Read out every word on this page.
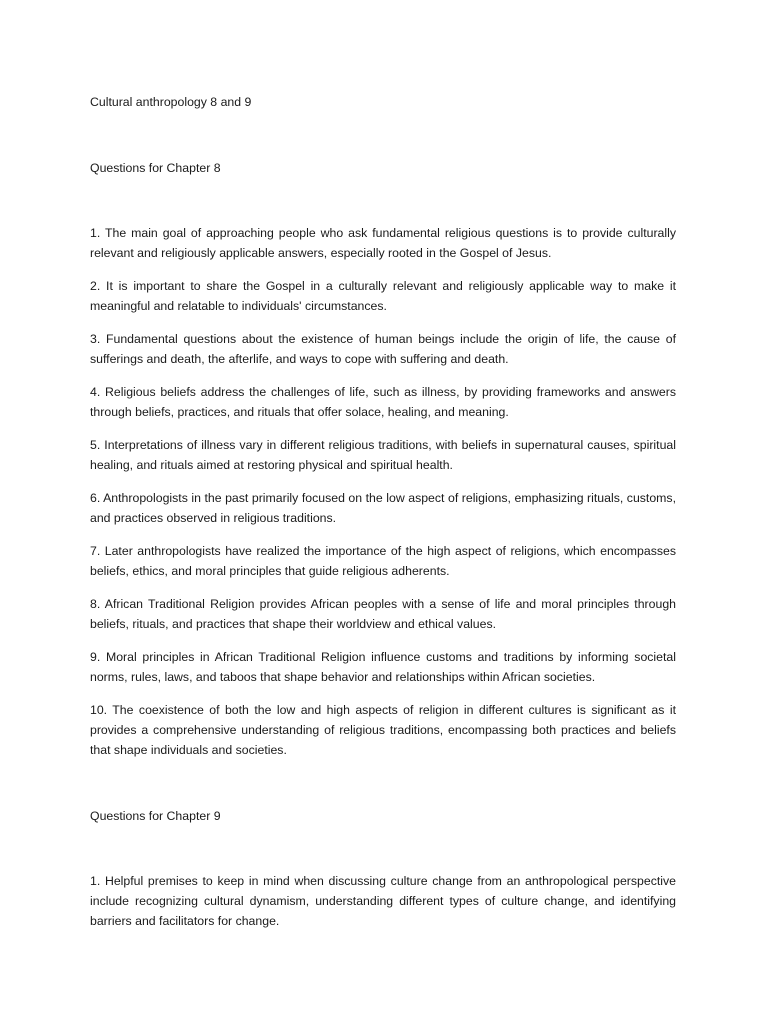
Cultural anthropology 8 and 9
Questions for Chapter 8

1. The main goal of approaching people who ask fundamental religious questions is to provide culturally relevant and religiously applicable answers, especially rooted in the Gospel of Jesus.

2. It is important to share the Gospel in a culturally relevant and religiously applicable way to make it meaningful and relatable to individuals' circumstances.

3. Fundamental questions about the existence of human beings include the origin of life, the cause of sufferings and death, the afterlife, and ways to cope with suffering and death.

4. Religious beliefs address the challenges of life, such as illness, by providing frameworks and answers through beliefs, practices, and rituals that offer solace, healing, and meaning.

5. Interpretations of illness vary in different religious traditions, with beliefs in supernatural causes, spiritual healing, and rituals aimed at restoring physical and spiritual health.

6. Anthropologists in the past primarily focused on the low aspect of religions, emphasizing rituals, customs, and practices observed in religious traditions.

7. Later anthropologists have realized the importance of the high aspect of religions, which encompasses beliefs, ethics, and moral principles that guide religious adherents.

8. African Traditional Religion provides African peoples with a sense of life and moral principles through beliefs, rituals, and practices that shape their worldview and ethical values.

9. Moral principles in African Traditional Religion influence customs and traditions by informing societal norms, rules, laws, and taboos that shape behavior and relationships within African societies.

10. The coexistence of both the low and high aspects of religion in different cultures is significant as it provides a comprehensive understanding of religious traditions, encompassing both practices and beliefs that shape individuals and societies.

Questions for Chapter 9

1. Helpful premises to keep in mind when discussing culture change from an anthropological perspective include recognizing cultural dynamism, understanding different types of culture change, and identifying barriers and facilitators for change.
